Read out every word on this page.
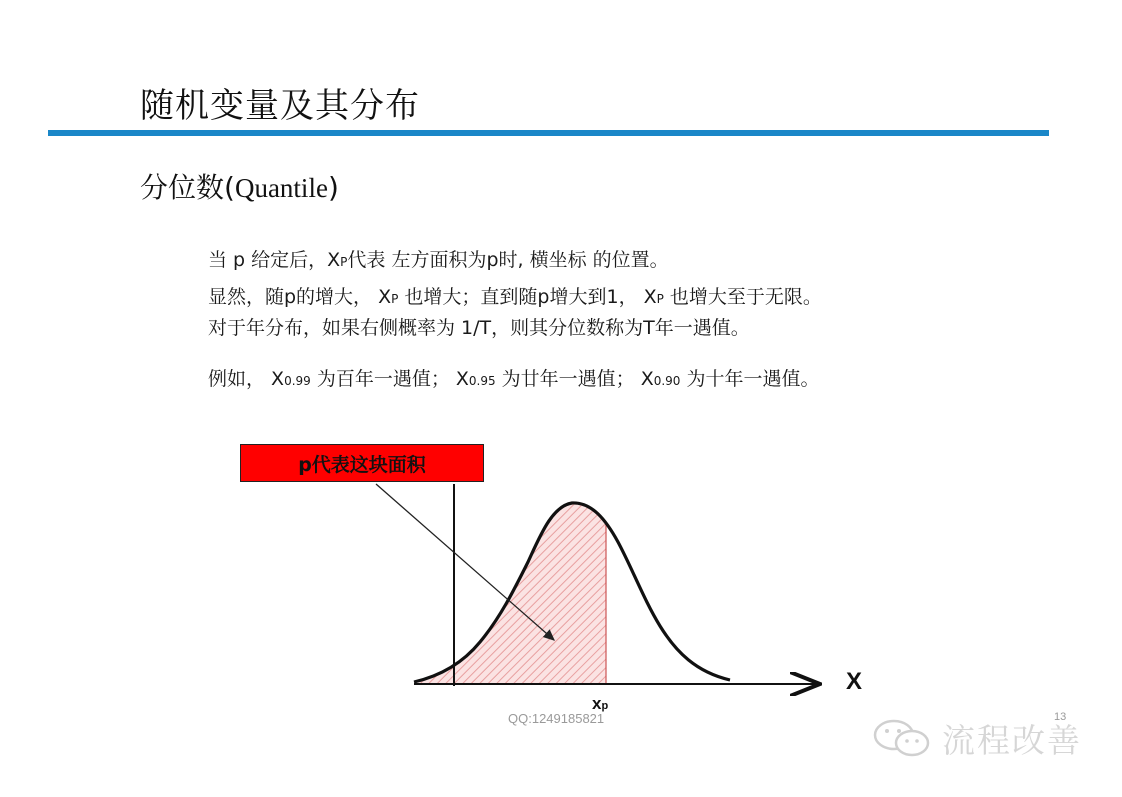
随机变量及其分布
分位数(Quantile)
当 p 给定后，XP代表 左方面积为p时, 横坐标 的位置。
显然，随p的增大， XP 也增大；直到随p增大到1， XP 也增大至于无限。
对于年分布，如果右侧概率为 1/T，则其分位数称为T年一遇值。
例如， X0.99 为百年一遇值； X0.95 为廿年一遇值； X0.90 为十年一遇值。
p代表这块面积
X
xp
QQ:1249185821	13
流程改善
